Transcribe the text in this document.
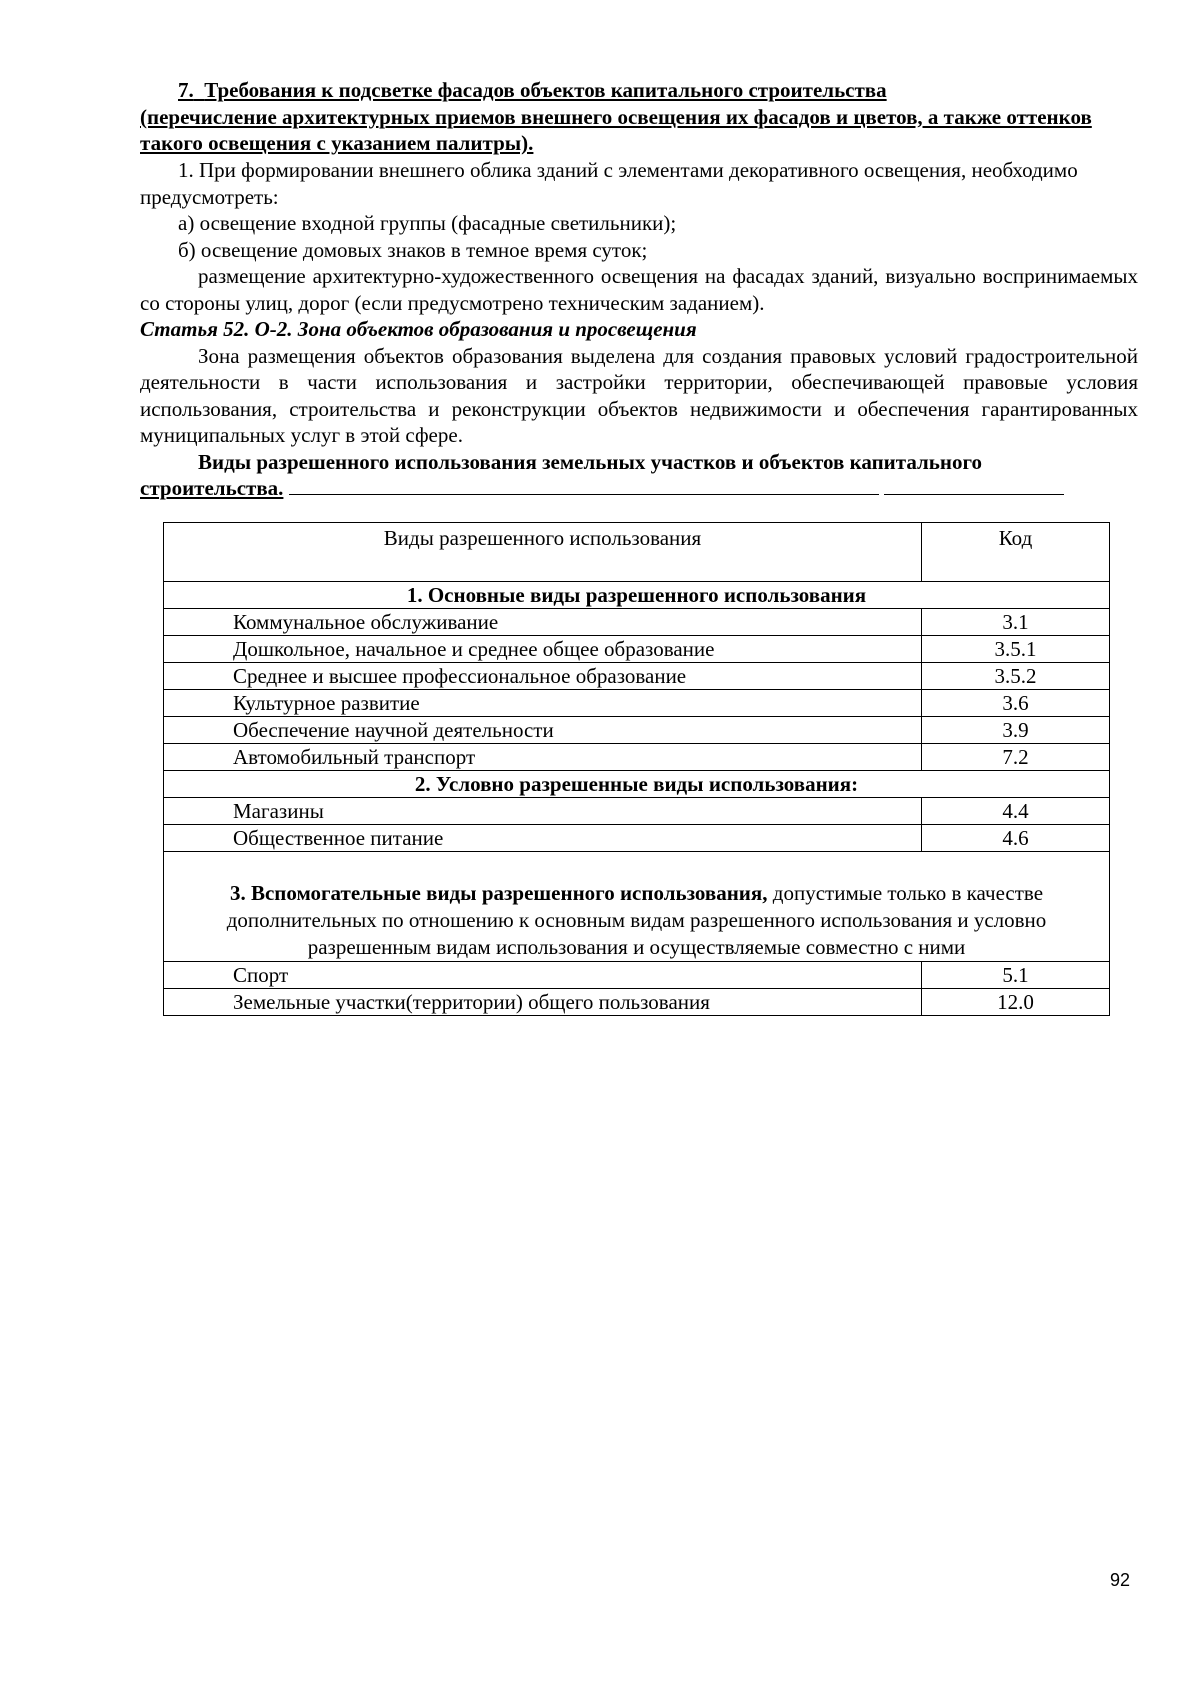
7. Требования к подсветке фасадов объектов капитального строительства
(перечисление архитектурных приемов внешнего освещения их фасадов и цветов, а также оттенков такого освещения с указанием палитры).
1. При формировании внешнего облика зданий с элементами декоративного освещения, необходимо предусмотреть:
а) освещение входной группы (фасадные светильники);
б) освещение домовых знаков в темное время суток;
размещение архитектурно-художественного освещения на фасадах зданий, визуально воспринимаемых со стороны улиц, дорог (если предусмотрено техническим заданием).
Статья 52. О-2. Зона объектов образования и просвещения
Зона размещения объектов образования выделена для создания правовых условий градостроительной деятельности в части использования и застройки территории, обеспечивающей правовые условия использования, строительства и реконструкции объектов недвижимости и обеспечения гарантированных муниципальных услуг в этой сфере.
Виды разрешенного использования земельных участков и объектов капитального
строительства.
Виды разрешенного использования	Код
1. Основные виды разрешенного использования	
Коммунальное обслуживание	3.1
Дошкольное, начальное и среднее общее образование	3.5.1
Среднее и высшее профессиональное образование	3.5.2
Культурное развитие	3.6
Обеспечение научной деятельности	3.9
Автомобильный транспорт	7.2
2. Условно разрешенные виды использования:	
Магазины	4.4
Общественное питание	4.6
3. Вспомогательные виды разрешенного использования, допустимые только в качестве дополнительных по отношению к основным видам разрешенного использования и условно разрешенным видам использования и осуществляемые совместно с ними	
Спорт	5.1
Земельные участки(территории) общего пользования	12.0
92
